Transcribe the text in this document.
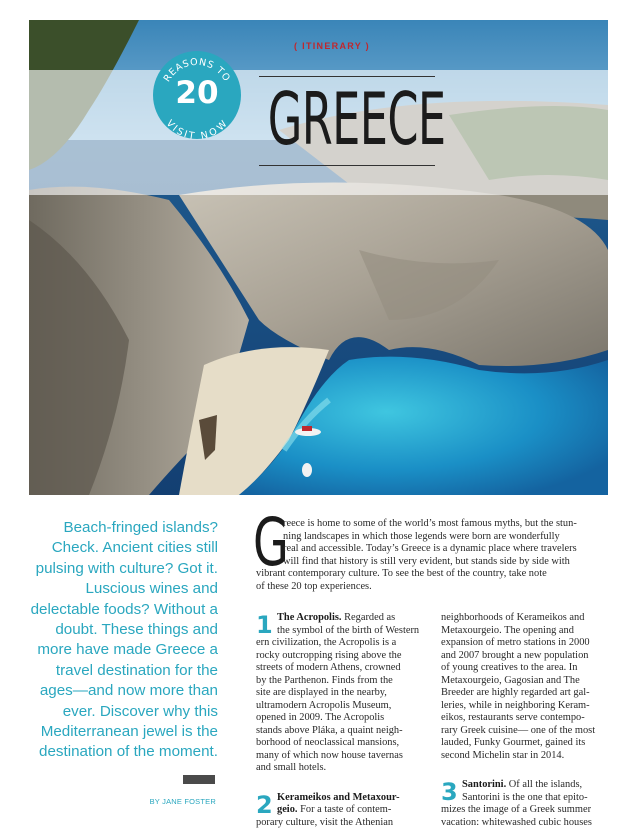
( ITINERARY )
GREECE
REASONS TO
VISIT NOW
20
Beach-fringed islands? Check. Ancient cities still pulsing with culture? Got it. Luscious wines and delectable foods? Without a doubt. These things and more have made Greece a travel destination for the ages—and now more than ever. Discover why this Mediterranean jewel is the destination of the moment.
BY JANE FOSTER
G
reece is home to some of the world’s most famous myths, but the stun-
ning landscapes in which those legends were born are wonderfully
real and accessible. Today’s Greece is a dynamic place where travelers
will find that history is still very evident, but stands side by side with
vibrant contemporary culture. To see the best of the country, take note
of these 20 top experiences.
1 The Acropolis. Regarded as
the symbol of the birth of Western
ern civilization, the Acropolis is a
rocky outcropping rising above the
streets of modern Athens, crowned
by the Parthenon. Finds from the
site are displayed in the nearby,
ultramodern Acropolis Museum,
opened in 2009. The Acropolis
stands above Pláka, a quaint neigh-
borhood of neoclassical mansions,
many of which now house tavernas
and small hotels.
2 Kerameikos and Metaxour-
geio. For a taste of contem-
porary culture, visit the Athenian
neighborhoods of Kerameikos and
Metaxourgeio. The opening and
expansion of metro stations in 2000
and 2007 brought a new population
of young creatives to the area. In
Metaxourgeio, Gagosian and The
Breeder are highly regarded art gal-
leries, while in neighboring Keram-
eikos, restaurants serve contempo-
rary Greek cuisine— one of the most
lauded, Funky Gourmet, gained its
second Michelin star in 2014.
3 Santorini. Of all the islands,
Santorini is the one that epito-
mizes the image of a Greek summer
vacation: whitewashed cubic houses
